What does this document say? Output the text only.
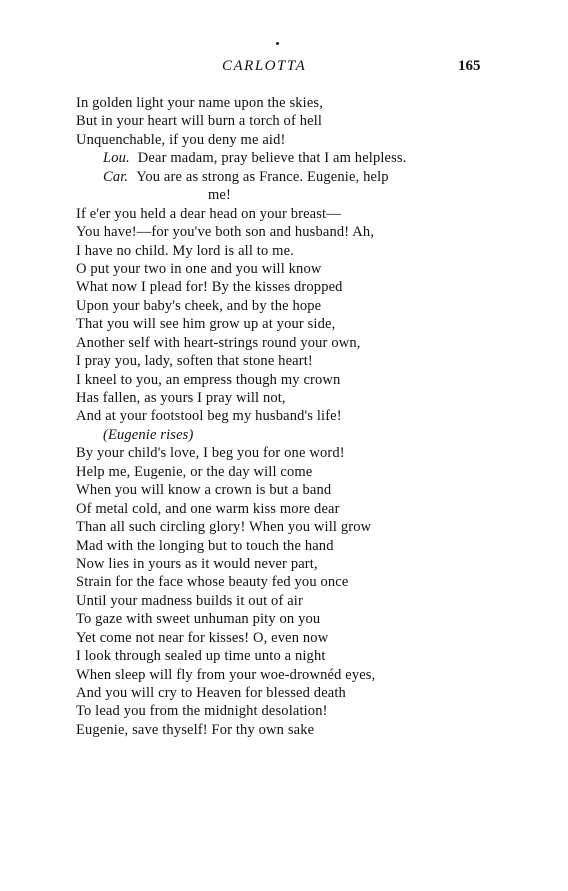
CARLOTTA	165
In golden light your name upon the skies,
But in your heart will burn a torch of hell
Unquenchable, if you deny me aid!
Lou. Dear madam, pray believe that I am helpless.
Car. You are as strong as France. Eugenie, help
me!
If e'er you held a dear head on your breast—
You have!—for you've both son and husband! Ah,
I have no child. My lord is all to me.
O put your two in one and you will know
What now I plead for! By the kisses dropped
Upon your baby's cheek, and by the hope
That you will see him grow up at your side,
Another self with heart-strings round your own,
I pray you, lady, soften that stone heart!
I kneel to you, an empress though my crown
Has fallen, as yours I pray will not,
And at your footstool beg my husband's life!
(Eugenie rises)
By your child's love, I beg you for one word!
Help me, Eugenie, or the day will come
When you will know a crown is but a band
Of metal cold, and one warm kiss more dear
Than all such circling glory! When you will grow
Mad with the longing but to touch the hand
Now lies in yours as it would never part,
Strain for the face whose beauty fed you once
Until your madness builds it out of air
To gaze with sweet unhuman pity on you
Yet come not near for kisses! O, even now
I look through sealed up time unto a night
When sleep will fly from your woe-drownéd eyes,
And you will cry to Heaven for blessed death
To lead you from the midnight desolation!
Eugenie, save thyself! For thy own sake
